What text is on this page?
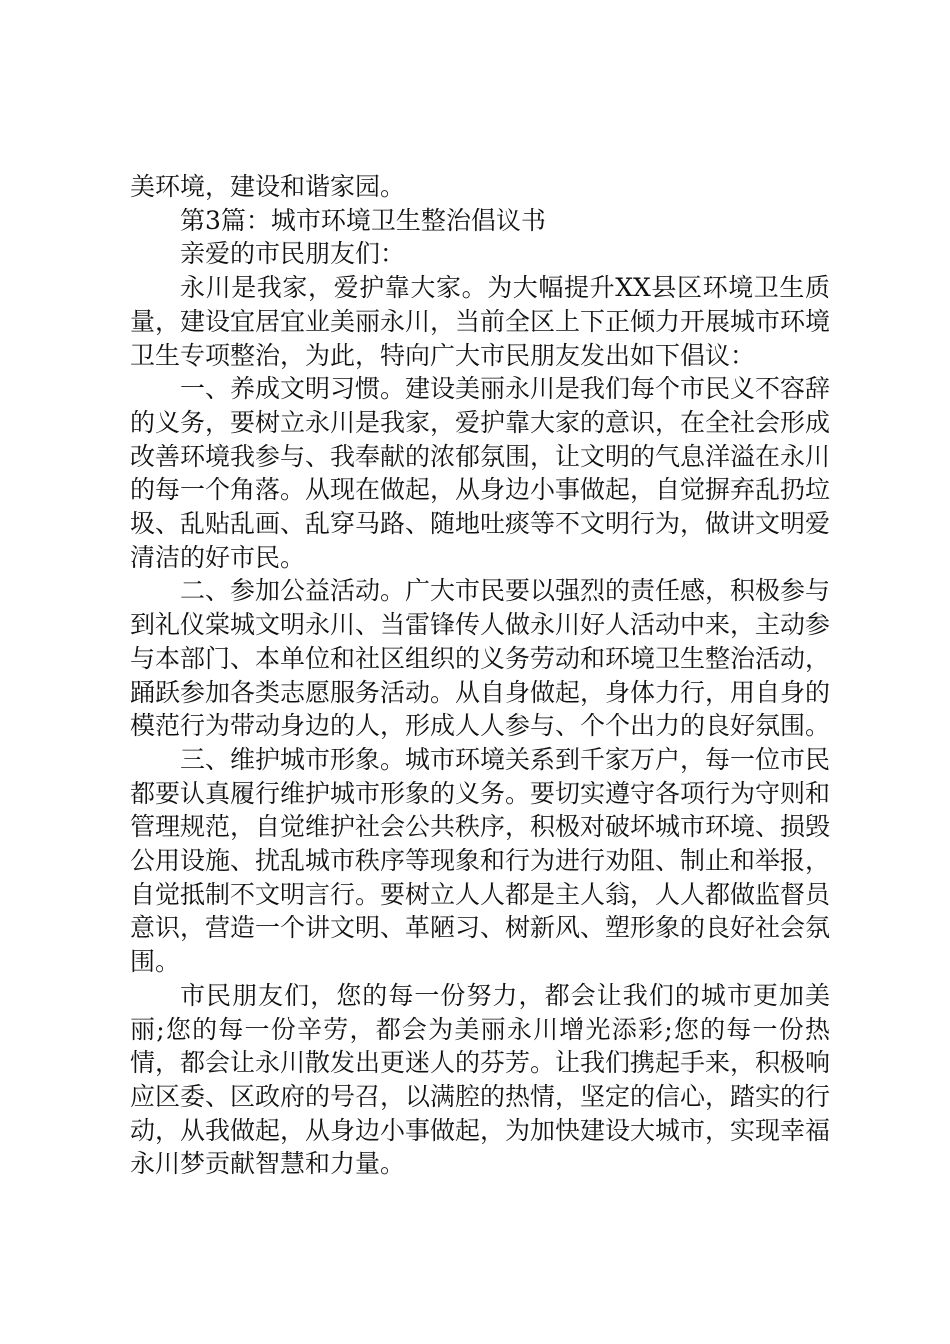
美环境，建设和谐家园。

第3篇：城市环境卫生整治倡议书

亲爱的市民朋友们：

永川是我家，爱护靠大家。为大幅提升XX县区环境卫生质量，建设宜居宜业美丽永川，当前全区上下正倾力开展城市环境卫生专项整治，为此，特向广大市民朋友发出如下倡议：

一、养成文明习惯。建设美丽永川是我们每个市民义不容辞的义务，要树立永川是我家，爱护靠大家的意识，在全社会形成改善环境我参与、我奉献的浓郁氛围，让文明的气息洋溢在永川的每一个角落。从现在做起，从身边小事做起，自觉摒弃乱扔垃圾、乱贴乱画、乱穿马路、随地吐痰等不文明行为，做讲文明爱清洁的好市民。

二、参加公益活动。广大市民要以强烈的责任感，积极参与到礼仪棠城文明永川、当雷锋传人做永川好人活动中来，主动参与本部门、本单位和社区组织的义务劳动和环境卫生整治活动，踊跃参加各类志愿服务活动。从自身做起，身体力行，用自身的模范行为带动身边的人，形成人人参与、个个出力的良好氛围。

三、维护城市形象。城市环境关系到千家万户，每一位市民都要认真履行维护城市形象的义务。要切实遵守各项行为守则和管理规范，自觉维护社会公共秩序，积极对破坏城市环境、损毁公用设施、扰乱城市秩序等现象和行为进行劝阻、制止和举报，自觉抵制不文明言行。要树立人人都是主人翁，人人都做监督员意识，营造一个讲文明、革陋习、树新风、塑形象的良好社会氛围。

市民朋友们，您的每一份努力，都会让我们的城市更加美丽;您的每一份辛劳，都会为美丽永川增光添彩;您的每一份热情，都会让永川散发出更迷人的芬芳。让我们携起手来，积极响应区委、区政府的号召，以满腔的热情，坚定的信心，踏实的行动，从我做起，从身边小事做起，为加快建设大城市，实现幸福永川梦贡献智慧和力量。
